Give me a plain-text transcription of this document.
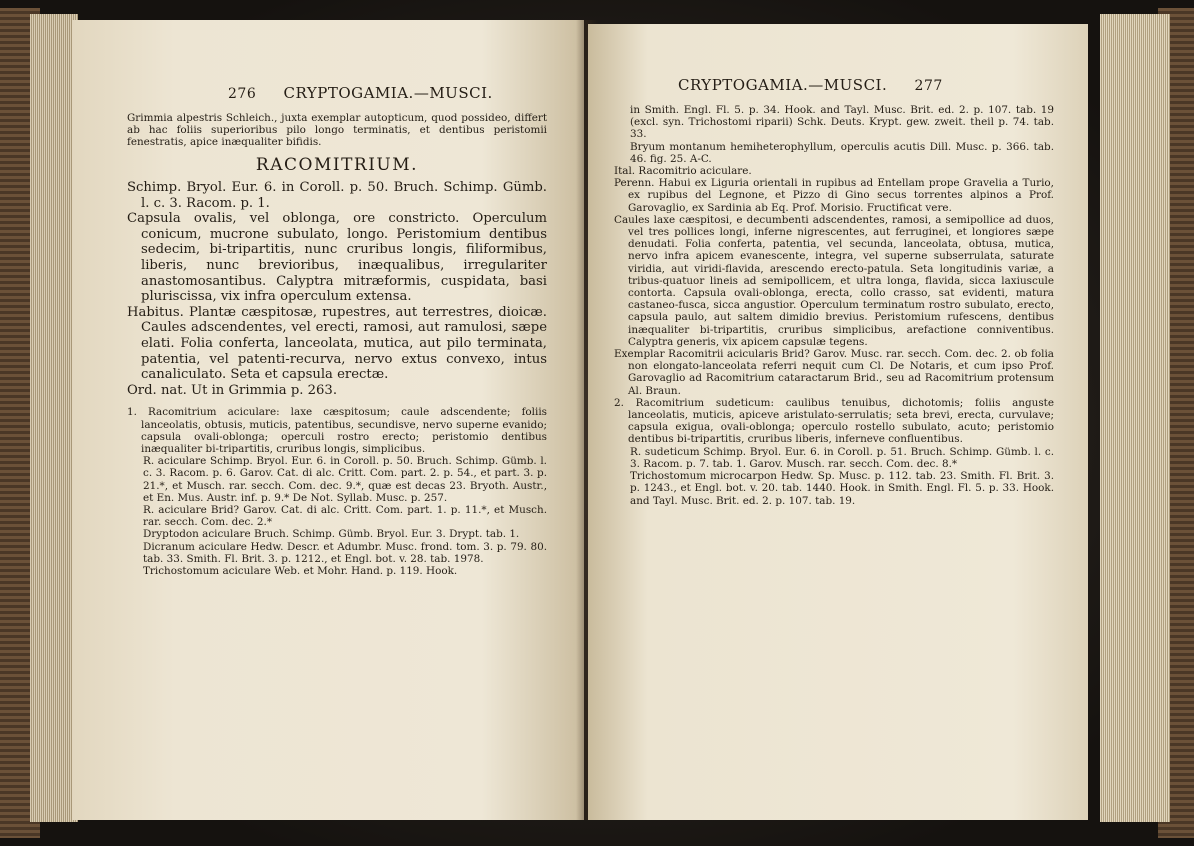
276 CRYPTOGAMIA.—MUSCI.

Grimmia alpestris Schleich., juxta exemplar autopticum, quod possideo, differt ab hac foliis superioribus pilo longo terminatis, et dentibus peristomii fenestratis, apice inæqualiter bifidis.

RACOMITRIUM.

Schimp. Bryol. Eur. 6. in Coroll. p. 50. Bruch. Schimp. Gümb. l. c. 3. Racom. p. 1.

Capsula ovalis, vel oblonga, ore constricto. Operculum conicum, mucrone subulato, longo. Peristomium dentibus sedecim, bi-tripartitis, nunc cruribus longis, filiformibus, liberis, nunc brevioribus, inæqualibus, irregulariter anastomosantibus. Calyptra mitræformis, cuspidata, basi pluriscissa, vix infra operculum extensa.

Habitus. Plantæ cæspitosæ, rupestres, aut terrestres, dioicæ. Caules adscendentes, vel erecti, ramosi, aut ramulosi, sæpe elati. Folia conferta, lanceolata, mutica, aut pilo terminata, patentia, vel patenti-recurva, nervo extus convexo, intus canaliculato. Seta et capsula erectæ.

Ord. nat. Ut in Grimmia p. 263.

1. Racomitrium aciculare: laxe cæspitosum; caule adscendente; foliis lanceolatis, obtusis, muticis, patentibus, secundisve, nervo superne evanido; capsula ovali-oblonga; operculi rostro erecto; peristomio dentibus inæqualiter bi-tripartitis, cruribus longis, simplicibus.

R. aciculare Schimp. Bryol. Eur. 6. in Coroll. p. 50. Bruch. Schimp. Gümb. l. c. 3. Racom. p. 6. Garov. Cat. di alc. Critt. Com. part. 2. p. 54., et part. 3. p. 21.*, et Musch. rar. secch. Com. dec. 9.*, quæ est decas 23. Bryoth. Austr., et En. Mus. Austr. inf. p. 9.* De Not. Syllab. Musc. p. 257.

R. aciculare Brid? Garov. Cat. di alc. Critt. Com. part. 1. p. 11.*, et Musch. rar. secch. Com. dec. 2.*

Dryptodon aciculare Bruch. Schimp. Gümb. Bryol. Eur. 3. Drypt. tab. 1.

Dicranum aciculare Hedw. Descr. et Adumbr. Musc. frond. tom. 3. p. 79. 80. tab. 33. Smith. Fl. Brit. 3. p. 1212., et Engl. bot. v. 28. tab. 1978.

Trichostomum aciculare Web. et Mohr. Hand. p. 119. Hook.

CRYPTOGAMIA.—MUSCI. 277

in Smith. Engl. Fl. 5. p. 34. Hook. and Tayl. Musc. Brit. ed. 2. p. 107. tab. 19 (excl. syn. Trichostomi riparii) Schk. Deuts. Krypt. gew. zweit. theil p. 74. tab. 33.

Bryum montanum hemiheterophyllum, operculis acutis Dill. Musc. p. 366. tab. 46. fig. 25. A-C.

Ital. Racomitrio aciculare.

Perenn. Habui ex Liguria orientali in rupibus ad Entellam prope Gravelia a Turio, ex rupibus del Legnone, et Pizzo di Gino secus torrentes alpinos a Prof. Garovaglio, ex Sardinia ab Eq. Prof. Morisio. Fructificat vere.

Caules laxe cæspitosi, e decumbenti adscendentes, ramosi, a semipollice ad duos, vel tres pollices longi, inferne nigrescentes, aut ferruginei, et longiores sæpe denudati. Folia conferta, patentia, vel secunda, lanceolata, obtusa, mutica, nervo infra apicem evanescente, integra, vel superne subserrulata, saturate viridia, aut viridi-flavida, arescendo erecto-patula. Seta longitudinis variæ, a tribus-quatuor lineis ad semipollicem, et ultra longa, flavida, sicca laxiuscule contorta. Capsula ovali-oblonga, erecta, collo crasso, sat evidenti, matura castaneo-fusca, sicca angustior. Operculum terminatum rostro subulato, erecto, capsula paulo, aut saltem dimidio brevius. Peristomium rufescens, dentibus inæqualiter bi-tripartitis, cruribus simplicibus, arefactione conniventibus. Calyptra generis, vix apicem capsulæ tegens.

Exemplar Racomitrii acicularis Brid? Garov. Musc. rar. secch. Com. dec. 2. ob folia non elongato-lanceolata referri nequit cum Cl. De Notaris, et cum ipso Prof. Garovaglio ad Racomitrium cataractarum Brid., seu ad Racomitrium protensum Al. Braun.

2. Racomitrium sudeticum: caulibus tenuibus, dichotomis; foliis anguste lanceolatis, muticis, apiceve aristulato-serrulatis; seta brevi, erecta, curvulave; capsula exigua, ovali-oblonga; operculo rostello subulato, acuto; peristomio dentibus bi-tripartitis, cruribus liberis, inferneve confluentibus.

R. sudeticum Schimp. Bryol. Eur. 6. in Coroll. p. 51. Bruch. Schimp. Gümb. l. c. 3. Racom. p. 7. tab. 1. Garov. Musch. rar. secch. Com. dec. 8.*

Trichostomum microcarpon Hedw. Sp. Musc. p. 112. tab. 23. Smith. Fl. Brit. 3. p. 1243., et Engl. bot. v. 20. tab. 1440. Hook. in Smith. Engl. Fl. 5. p. 33. Hook. and Tayl. Musc. Brit. ed. 2. p. 107. tab. 19.
